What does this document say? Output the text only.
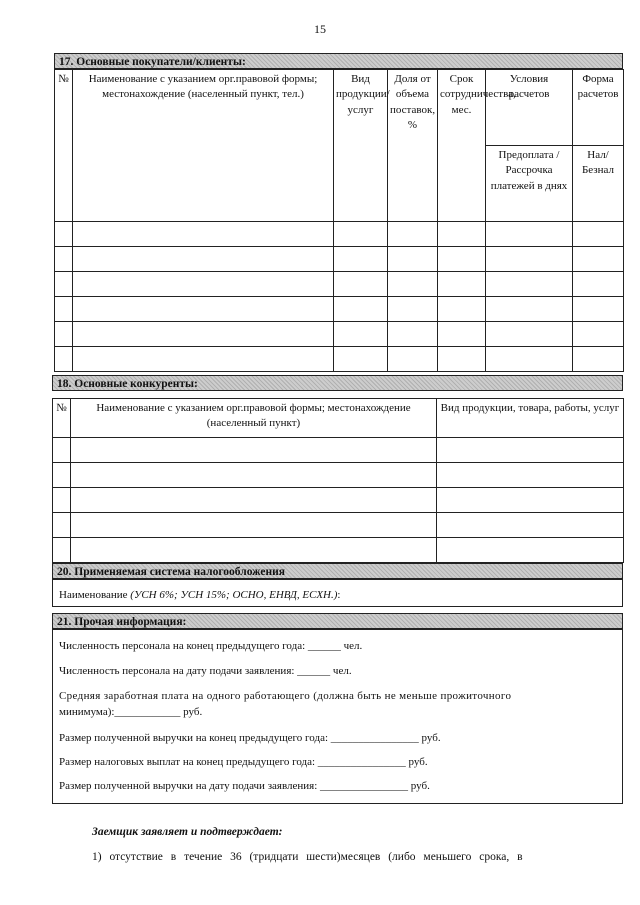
15
17. Основные покупатели/клиенты:
№	Наименование с указанием орг.правовой формы; местонахождение (населенный пункт, тел.)	Вид продукции/услуг	Доля от объема поставок, %	Срок сотрудничества, мес.	Условия расчетов	Форма расчетов
					Предоплата / Рассрочка платежей в днях	Нал/Безнал

18. Основные конкуренты:
№	Наименование с указанием орг.правовой формы; местонахождение (населенный пункт)	Вид продукции, товара, работы, услуг

20. Применяемая система налогообложения
Наименование (УСН 6%; УСН 15%; ОСНО, ЕНВД, ЕСХН.):
21. Прочая информация:
Численность персонала на конец предыдущего года: ______ чел.
Численность персонала на дату подачи заявления: ______ чел.
Средняя заработная плата на одного работающего (должна быть не меньше прожиточного
минимума):____________ руб.
Размер полученной выручки на конец предыдущего года: ________________ руб.
Размер налоговых выплат на конец предыдущего года: ________________ руб.
Размер полученной выручки на дату подачи заявления: ________________ руб.
Заемщик заявляет и подтверждает:
1) отсутствие в течение 36 (тридцати шести)месяцев (либо меньшего срока, в
